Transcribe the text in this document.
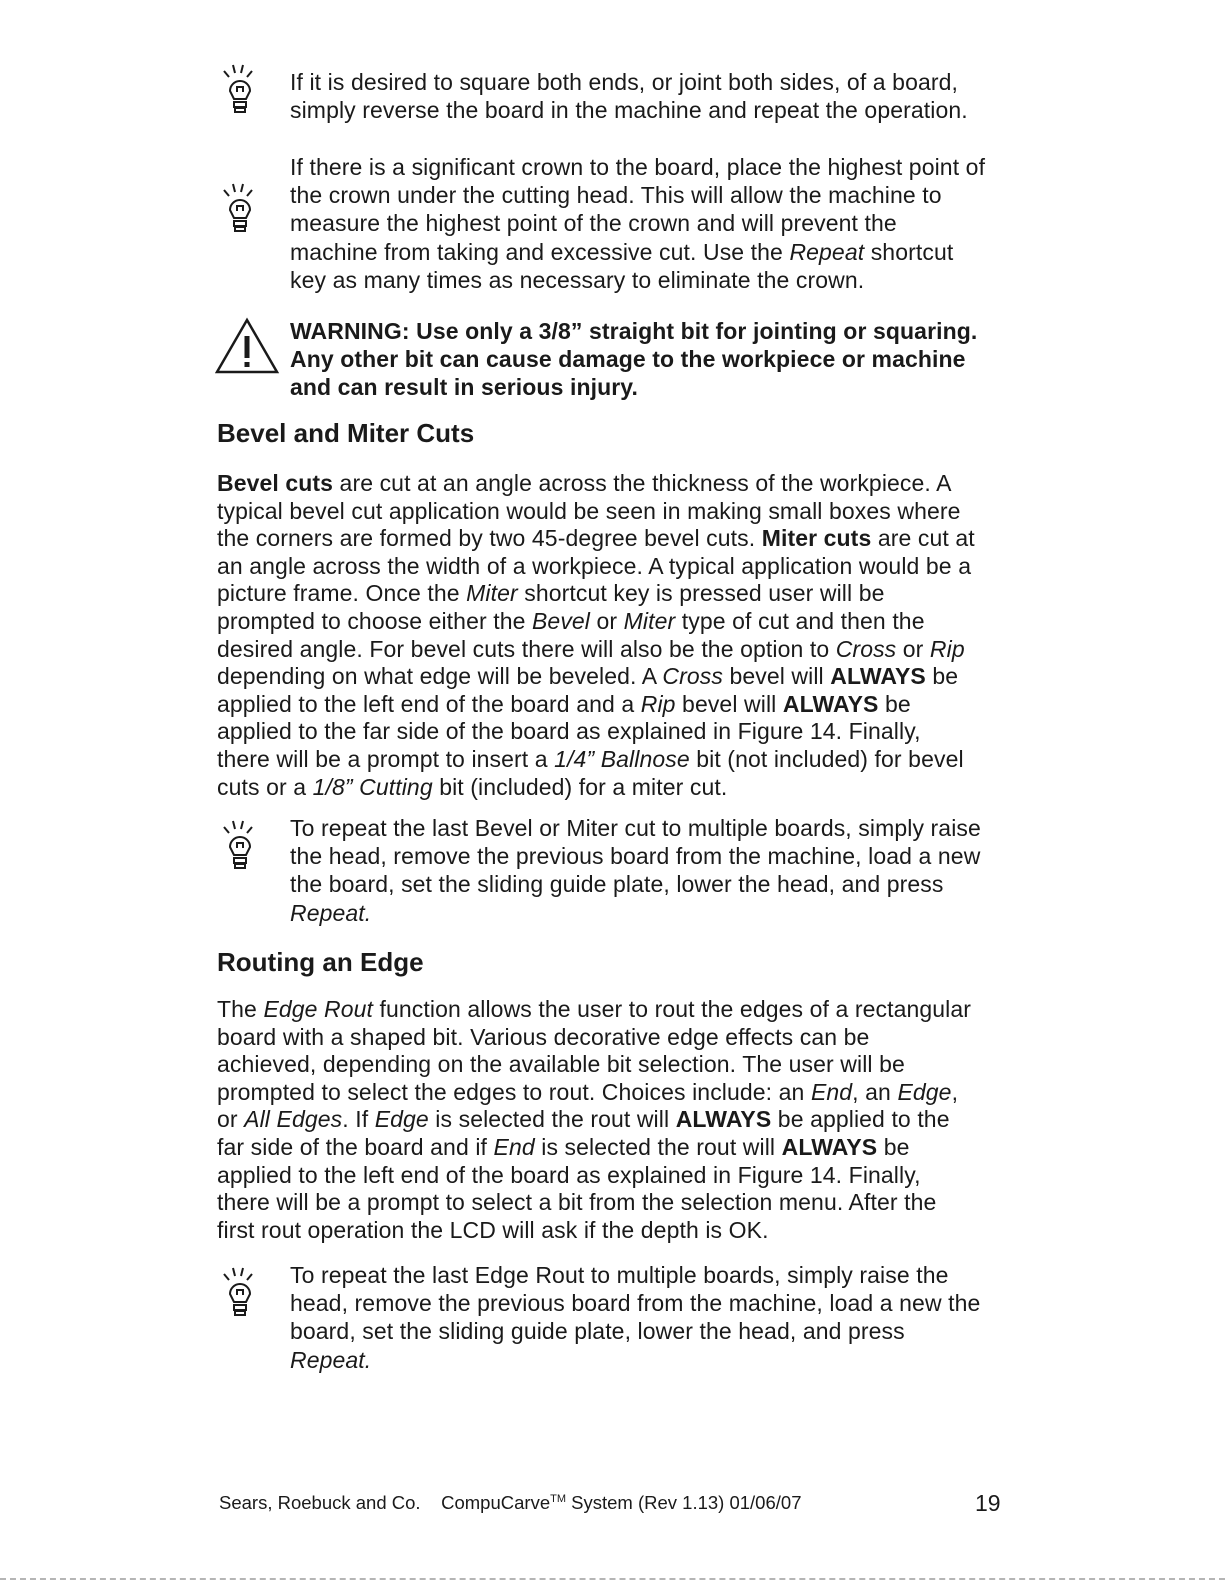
If it is desired to square both ends, or joint both sides, of a board,
simply reverse the board in the machine and repeat the operation.
If there is a significant crown to the board, place the highest point of
the crown under the cutting head. This will allow the machine to
measure the highest point of the crown and will prevent the
machine from taking and excessive cut. Use the Repeat shortcut
key as many times as necessary to eliminate the crown.
WARNING: Use only a 3/8” straight bit for jointing or squaring.
Any other bit can cause damage to the workpiece or machine
and can result in serious injury.
Bevel and Miter Cuts
Bevel cuts are cut at an angle across the thickness of the workpiece. A
typical bevel cut application would be seen in making small boxes where
the corners are formed by two 45-degree bevel cuts. Miter cuts are cut at
an angle across the width of a workpiece. A typical application would be a
picture frame. Once the Miter shortcut key is pressed user will be
prompted to choose either the Bevel or Miter type of cut and then the
desired angle. For bevel cuts there will also be the option to Cross or Rip
depending on what edge will be beveled. A Cross bevel will ALWAYS be
applied to the left end of the board and a Rip bevel will ALWAYS be
applied to the far side of the board as explained in Figure 14. Finally,
there will be a prompt to insert a 1/4” Ballnose bit (not included) for bevel
cuts or a 1/8” Cutting bit (included) for a miter cut.
To repeat the last Bevel or Miter cut to multiple boards, simply raise
the head, remove the previous board from the machine, load a new
the board, set the sliding guide plate, lower the head, and press
Repeat.
Routing an Edge
The Edge Rout function allows the user to rout the edges of a rectangular
board with a shaped bit. Various decorative edge effects can be
achieved, depending on the available bit selection. The user will be
prompted to select the edges to rout. Choices include: an End, an Edge,
or All Edges. If Edge is selected the rout will ALWAYS be applied to the
far side of the board and if End is selected the rout will ALWAYS be
applied to the left end of the board as explained in Figure 14. Finally,
there will be a prompt to select a bit from the selection menu. After the
first rout operation the LCD will ask if the depth is OK.
To repeat the last Edge Rout to multiple boards, simply raise the
head, remove the previous board from the machine, load a new the
board, set the sliding guide plate, lower the head, and press
Repeat.
Sears, Roebuck and Co.    CompuCarve™ System (Rev 1.13) 01/06/07	19
